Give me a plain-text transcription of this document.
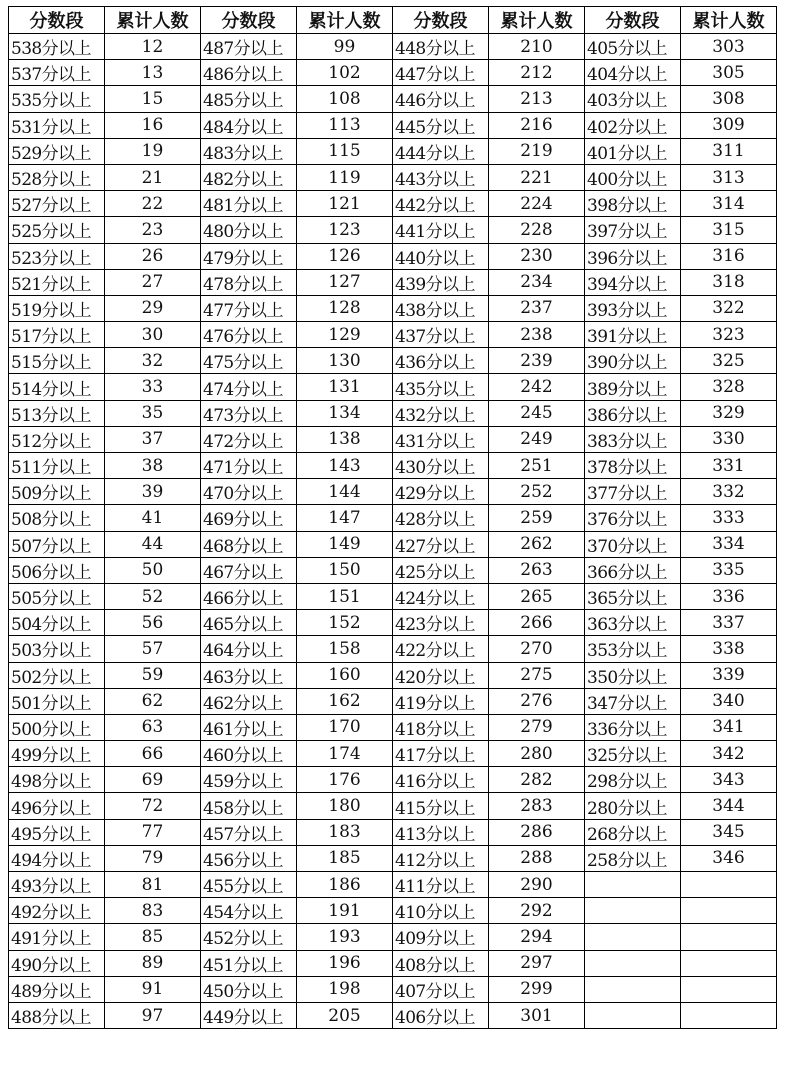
分数段	累计人数	分数段	累计人数	分数段	累计人数	分数段	累计人数
538分以上	12	487分以上	99	448分以上	210	405分以上	303
537分以上	13	486分以上	102	447分以上	212	404分以上	305
535分以上	15	485分以上	108	446分以上	213	403分以上	308
531分以上	16	484分以上	113	445分以上	216	402分以上	309
529分以上	19	483分以上	115	444分以上	219	401分以上	311
528分以上	21	482分以上	119	443分以上	221	400分以上	313
527分以上	22	481分以上	121	442分以上	224	398分以上	314
525分以上	23	480分以上	123	441分以上	228	397分以上	315
523分以上	26	479分以上	126	440分以上	230	396分以上	316
521分以上	27	478分以上	127	439分以上	234	394分以上	318
519分以上	29	477分以上	128	438分以上	237	393分以上	322
517分以上	30	476分以上	129	437分以上	238	391分以上	323
515分以上	32	475分以上	130	436分以上	239	390分以上	325
514分以上	33	474分以上	131	435分以上	242	389分以上	328
513分以上	35	473分以上	134	432分以上	245	386分以上	329
512分以上	37	472分以上	138	431分以上	249	383分以上	330
511分以上	38	471分以上	143	430分以上	251	378分以上	331
509分以上	39	470分以上	144	429分以上	252	377分以上	332
508分以上	41	469分以上	147	428分以上	259	376分以上	333
507分以上	44	468分以上	149	427分以上	262	370分以上	334
506分以上	50	467分以上	150	425分以上	263	366分以上	335
505分以上	52	466分以上	151	424分以上	265	365分以上	336
504分以上	56	465分以上	152	423分以上	266	363分以上	337
503分以上	57	464分以上	158	422分以上	270	353分以上	338
502分以上	59	463分以上	160	420分以上	275	350分以上	339
501分以上	62	462分以上	162	419分以上	276	347分以上	340
500分以上	63	461分以上	170	418分以上	279	336分以上	341
499分以上	66	460分以上	174	417分以上	280	325分以上	342
498分以上	69	459分以上	176	416分以上	282	298分以上	343
496分以上	72	458分以上	180	415分以上	283	280分以上	344
495分以上	77	457分以上	183	413分以上	286	268分以上	345
494分以上	79	456分以上	185	412分以上	288	258分以上	346
493分以上	81	455分以上	186	411分以上	290		
492分以上	83	454分以上	191	410分以上	292		
491分以上	85	452分以上	193	409分以上	294		
490分以上	89	451分以上	196	408分以上	297		
489分以上	91	450分以上	198	407分以上	299		
488分以上	97	449分以上	205	406分以上	301		
